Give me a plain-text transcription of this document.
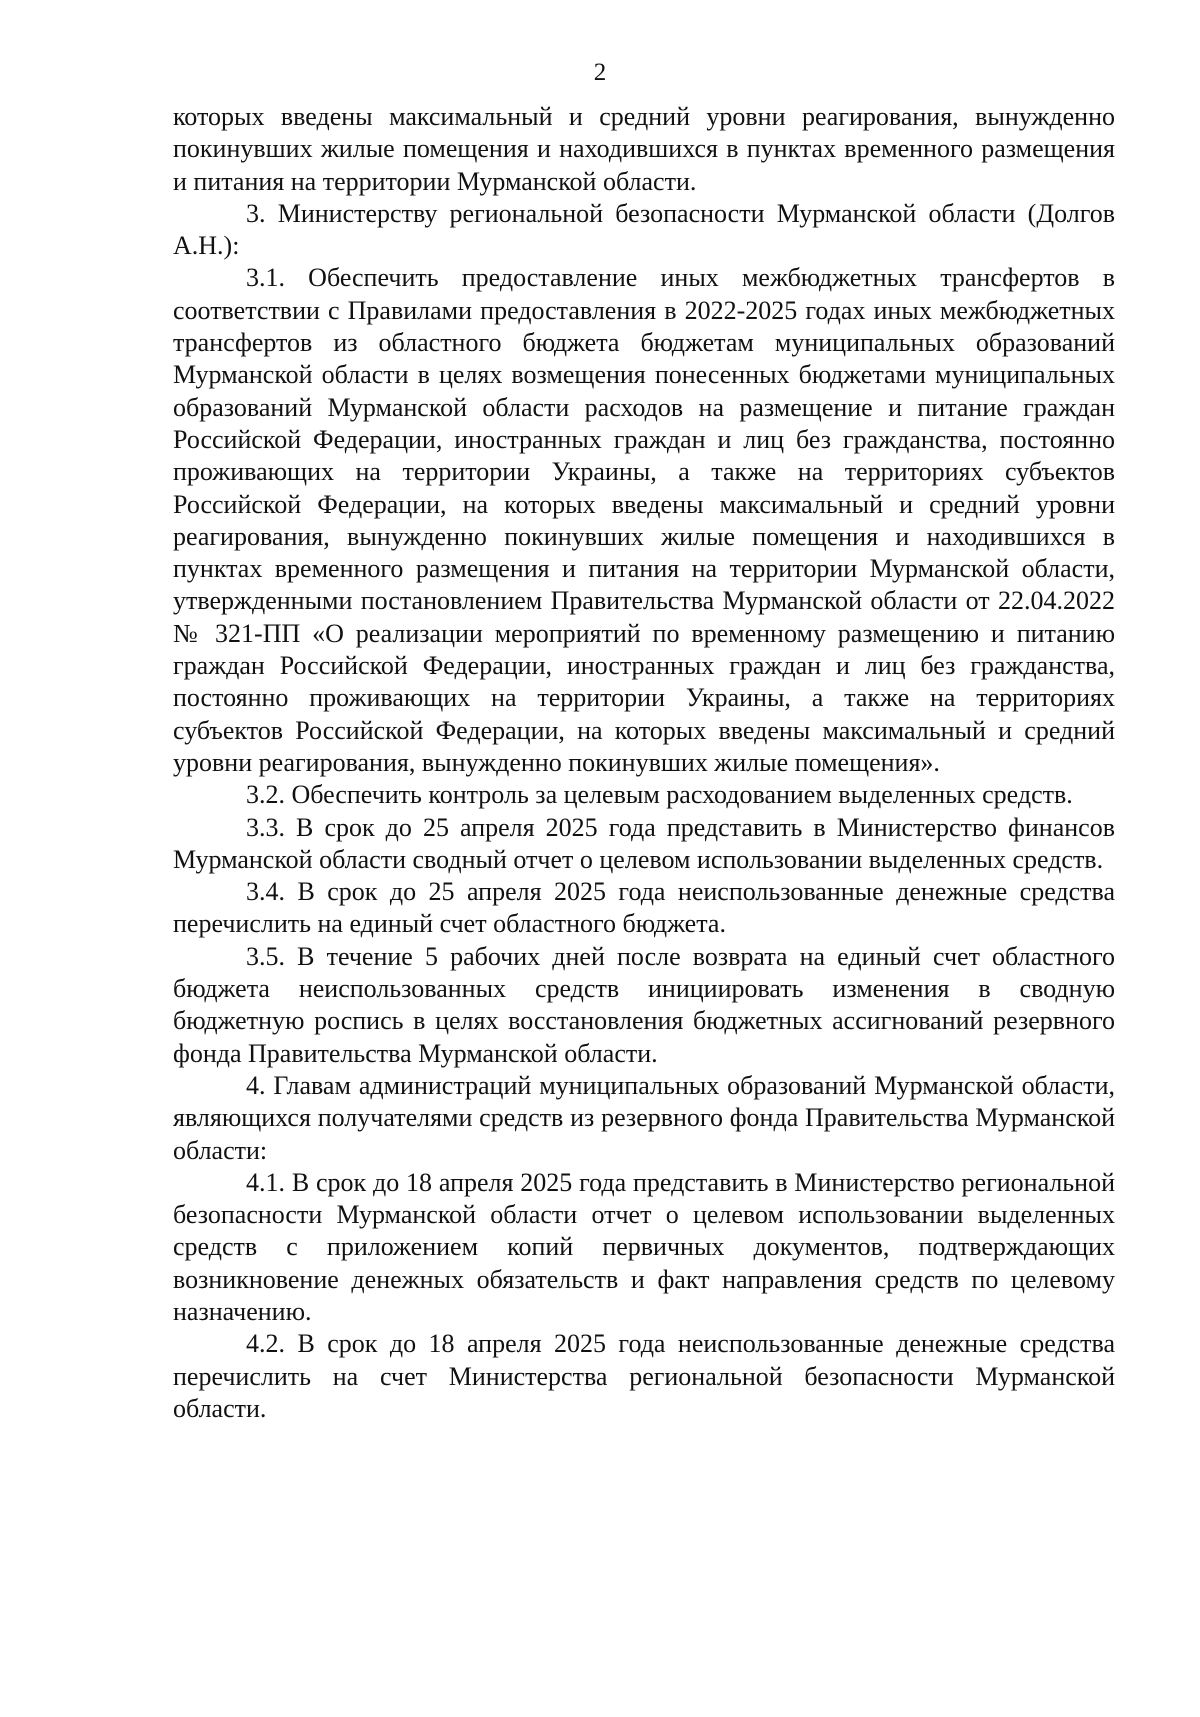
2

которых введены максимальный и средний уровни реагирования, вынужденно покинувших жилые помещения и находившихся в пунктах временного размещения и питания на территории Мурманской области.

3. Министерству региональной безопасности Мурманской области (Долгов А.Н.):

3.1. Обеспечить предоставление иных межбюджетных трансфертов в соответствии с Правилами предоставления в 2022-2025 годах иных межбюджетных трансфертов из областного бюджета бюджетам муниципальных образований Мурманской области в целях возмещения понесенных бюджетами муниципальных образований Мурманской области расходов на размещение и питание граждан Российской Федерации, иностранных граждан и лиц без гражданства, постоянно проживающих на территории Украины, а также на территориях субъектов Российской Федерации, на которых введены максимальный и средний уровни реагирования, вынужденно покинувших жилые помещения и находившихся в пунктах временного размещения и питания на территории Мурманской области, утвержденными постановлением Правительства Мурманской области от 22.04.2022 № 321-ПП «О реализации мероприятий по временному размещению и питанию граждан Российской Федерации, иностранных граждан и лиц без гражданства, постоянно проживающих на территории Украины, а также на территориях субъектов Российской Федерации, на которых введены максимальный и средний уровни реагирования, вынужденно покинувших жилые помещения».

3.2. Обеспечить контроль за целевым расходованием выделенных средств.

3.3. В срок до 25 апреля 2025 года представить в Министерство финансов Мурманской области сводный отчет о целевом использовании выделенных средств.

3.4. В срок до 25 апреля 2025 года неиспользованные денежные средства перечислить на единый счет областного бюджета.

3.5. В течение 5 рабочих дней после возврата на единый счет областного бюджета неиспользованных средств инициировать изменения в сводную бюджетную роспись в целях восстановления бюджетных ассигнований резервного фонда Правительства Мурманской области.

4. Главам администраций муниципальных образований Мурманской области, являющихся получателями средств из резервного фонда Правительства Мурманской области:

4.1. В срок до 18 апреля 2025 года представить в Министерство региональной безопасности Мурманской области отчет о целевом использовании выделенных средств с приложением копий первичных документов, подтверждающих возникновение денежных обязательств и факт направления средств по целевому назначению.

4.2. В срок до 18 апреля 2025 года неиспользованные денежные средства перечислить на счет Министерства региональной безопасности Мурманской области.
